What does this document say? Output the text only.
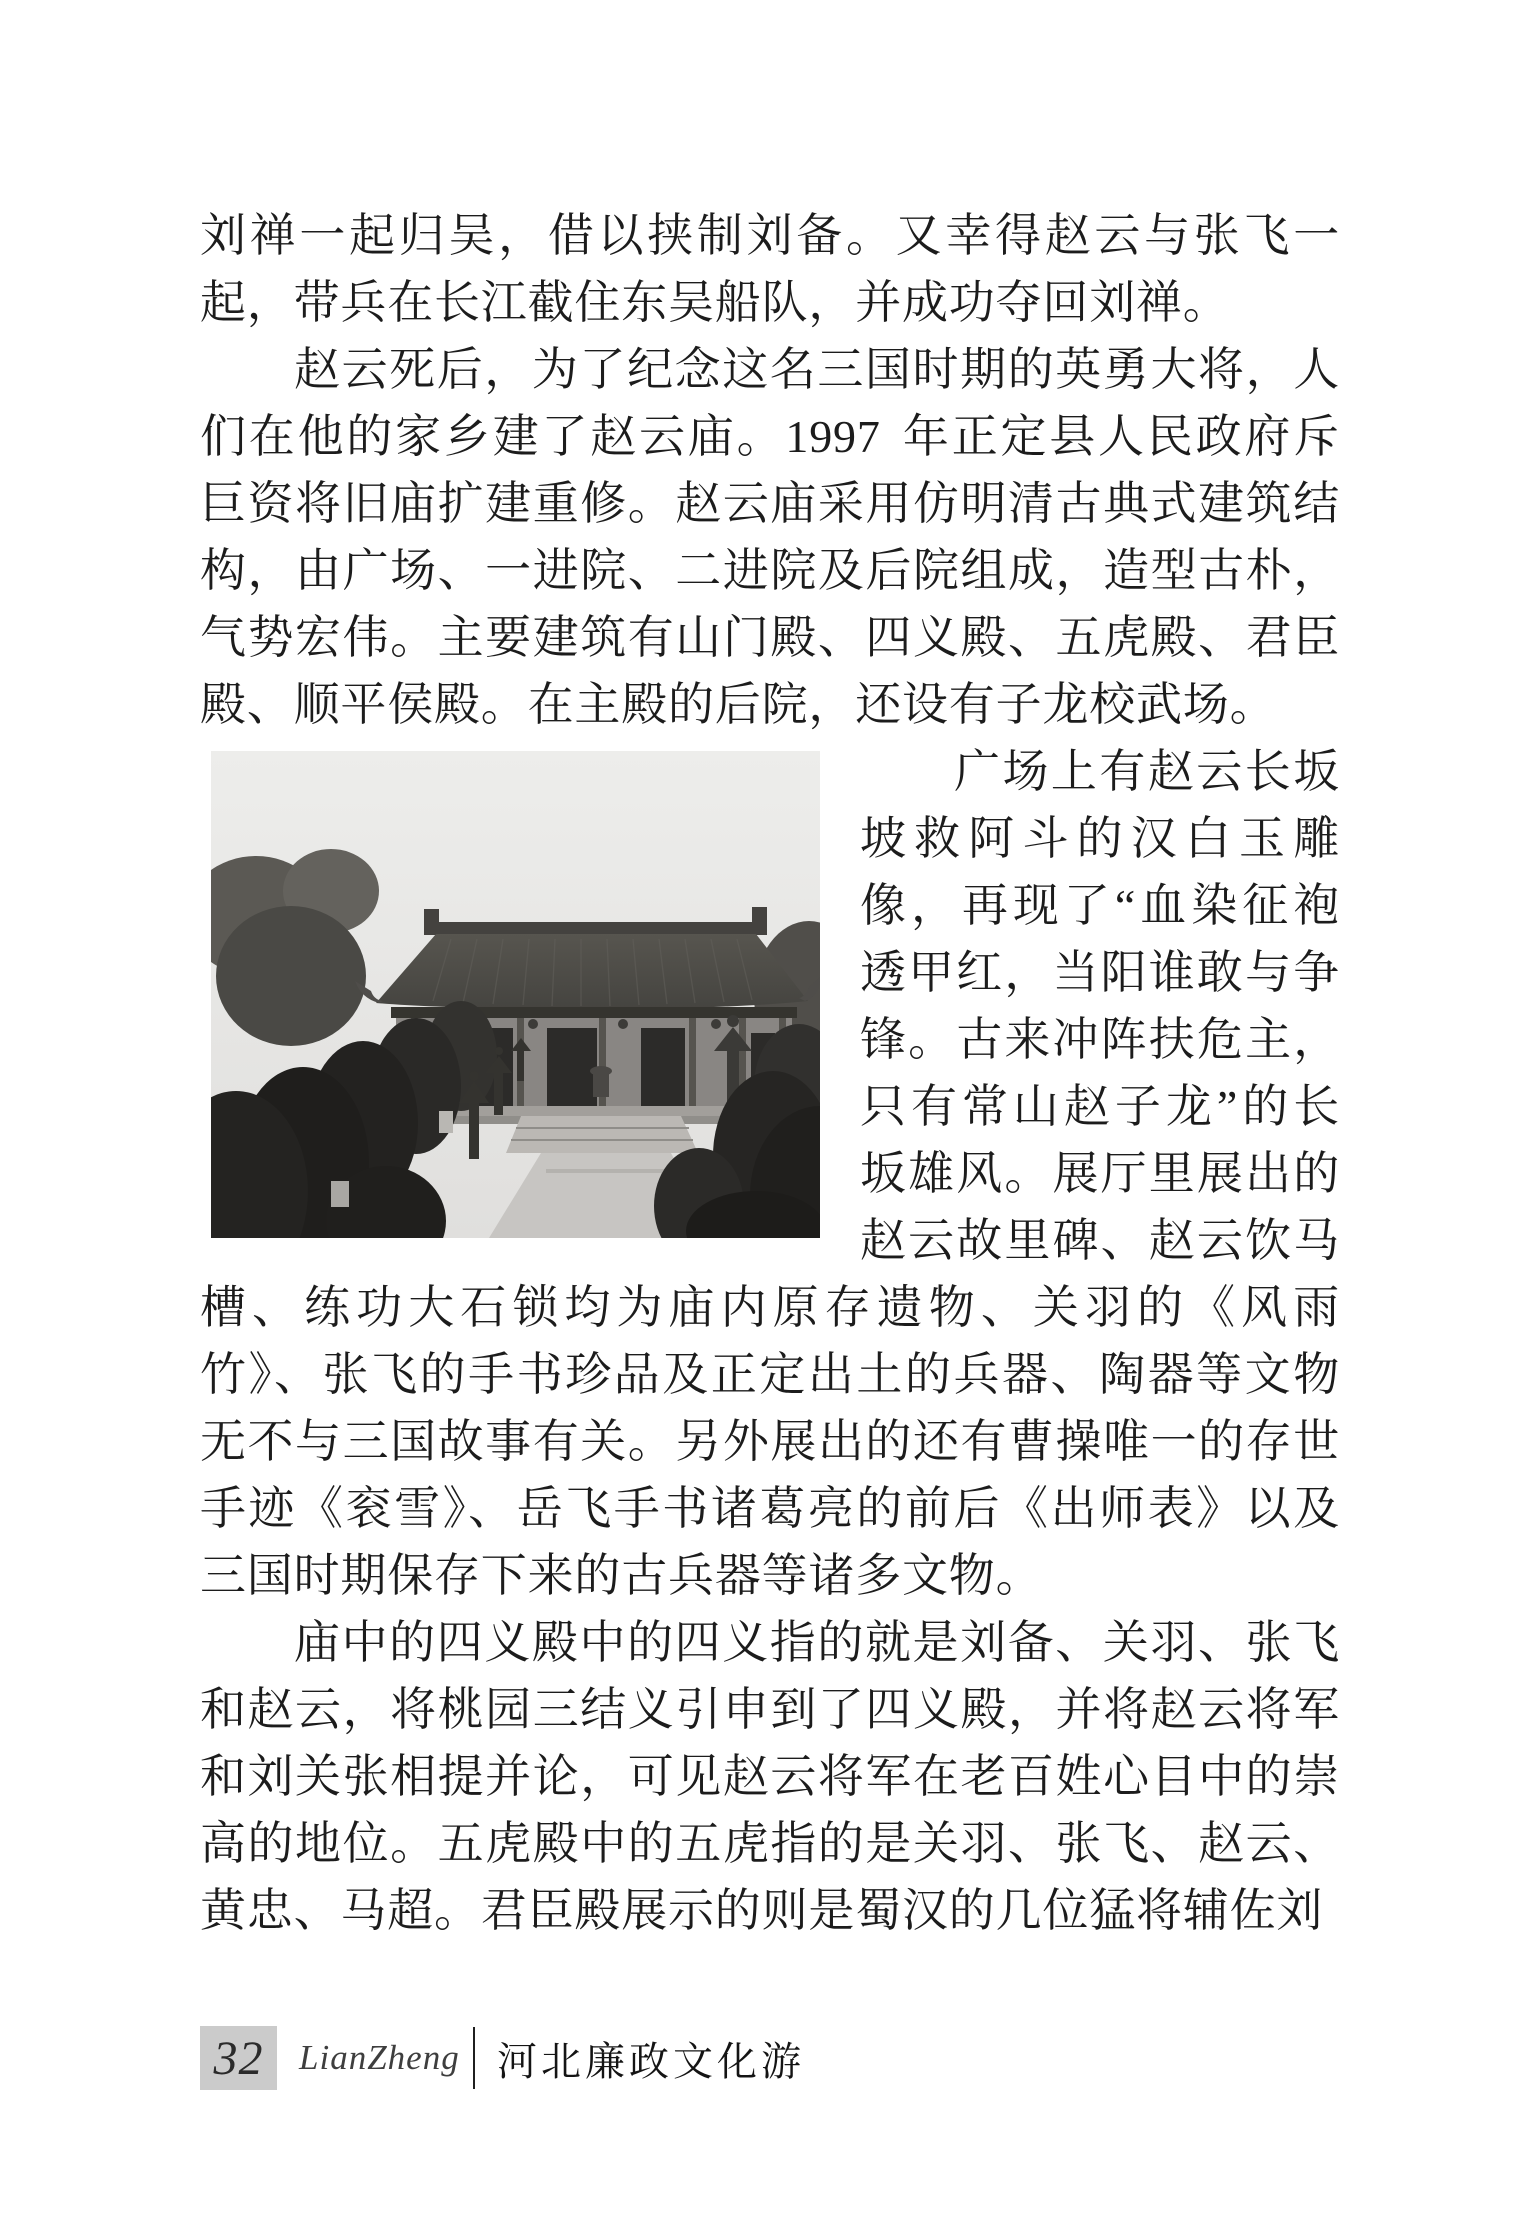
刘禅一起归吴，借以挟制刘备。又幸得赵云与张飞一起，带兵在长江截住东吴船队，并成功夺回刘禅。

赵云死后，为了纪念这名三国时期的英勇大将，人们在他的家乡建了赵云庙。1997 年正定县人民政府斥巨资将旧庙扩建重修。赵云庙采用仿明清古典式建筑结构，由广场、一进院、二进院及后院组成，造型古朴，气势宏伟。主要建筑有山门殿、四义殿、五虎殿、君臣殿、顺平侯殿。在主殿的后院，还设有子龙校武场。

广场上有赵云长坂坡救阿斗的汉白玉雕像，再现了“血染征袍透甲红，当阳谁敢与争锋。古来冲阵扶危主，只有常山赵子龙”的长坂雄风。展厅里展出的赵云故里碑、赵云饮马槽、练功大石锁均为庙内原存遗物、关羽的《风雨竹》、张飞的手书珍品及正定出土的兵器、陶器等文物无不与三国故事有关。另外展出的还有曹操唯一的存世手迹《衮雪》、岳飞手书诸葛亮的前后《出师表》以及三国时期保存下来的古兵器等诸多文物。

庙中的四义殿中的四义指的就是刘备、关羽、张飞和赵云，将桃园三结义引申到了四义殿，并将赵云将军和刘关张相提并论，可见赵云将军在老百姓心目中的崇高的地位。五虎殿中的五虎指的是关羽、张飞、赵云、黄忠、马超。君臣殿展示的则是蜀汉的几位猛将辅佐刘

32 LianZheng 河北廉政文化游
